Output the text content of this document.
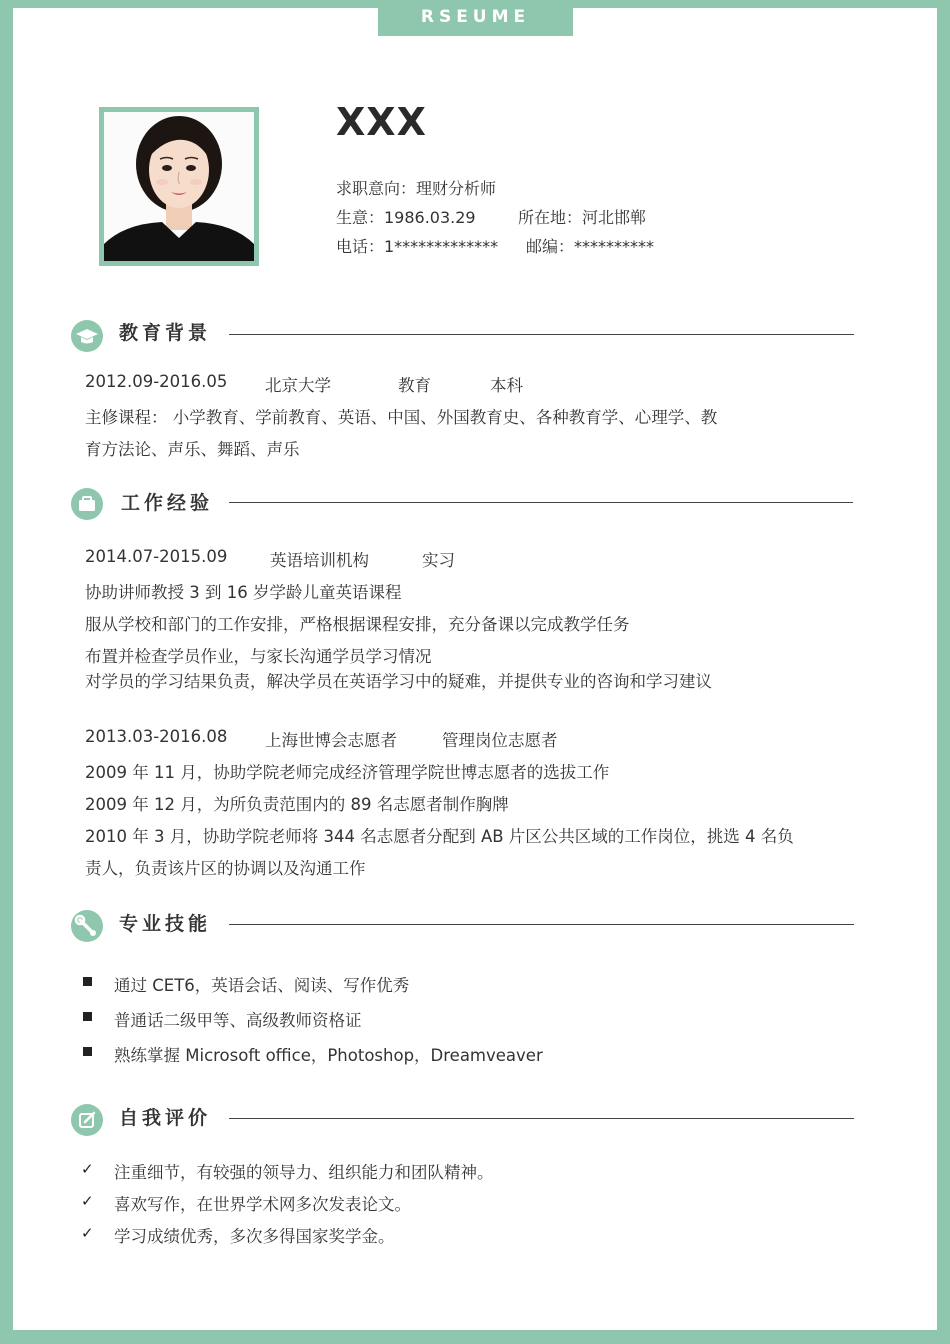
RSEUME
XXX
求职意向：理财分析师
生意：1986.03.29	所在地：河北邯郸
电话：1************* 邮编：**********
教育背景
2012.09-2016.05 北京大学	教育	本科
主修课程： 小学教育、学前教育、英语、中国、外国教育史、各种教育学、心理学、教
育方法论、声乐、舞蹈、声乐
工作经验
2014.07-2015.09	英语培训机构	实习
协助讲师教授 3 到 16 岁学龄儿童英语课程
服从学校和部门的工作安排，严格根据课程安排，充分备课以完成教学任务
布置并检查学员作业，与家长沟通学员学习情况
对学员的学习结果负责，解决学员在英语学习中的疑难，并提供专业的咨询和学习建议
2013.03-2016.08 上海世博会志愿者	管理岗位志愿者
2009 年 11 月，协助学院老师完成经济管理学院世博志愿者的选拔工作
2009 年 12 月，为所负责范围内的 89 名志愿者制作胸牌
2010 年 3 月，协助学院老师将 344 名志愿者分配到 AB 片区公共区域的工作岗位，挑选 4 名负
责人，负责该片区的协调以及沟通工作
专业技能
通过 CET6，英语会话、阅读、写作优秀
普通话二级甲等、高级教师资格证
熟练掌握 Microsoft office，Photoshop，Dreamveaver
自我评价
✓ 注重细节，有较强的领导力、组织能力和团队精神。
✓ 喜欢写作，在世界学术网多次发表论文。
✓ 学习成绩优秀，多次多得国家奖学金。
